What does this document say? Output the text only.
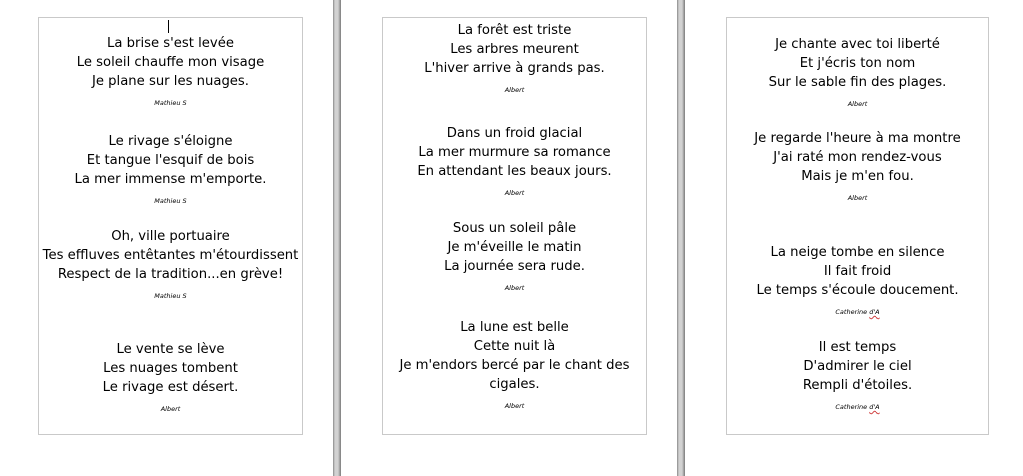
La brise s'est levée
Le soleil chauffe mon visage
Je plane sur les nuages.
Mathieu S
Le rivage s'éloigne
Et tangue l'esquif de bois
La mer immense m'emporte.
Mathieu S
Oh, ville portuaire
Tes effluves entêtantes m'étourdissent
Respect de la tradition...en grève!
Mathieu S
Le vente se lève
Les nuages tombent
Le rivage est désert.
Albert
La forêt est triste
Les arbres meurent
L'hiver arrive à grands pas.
Albert
Dans un froid glacial
La mer murmure sa romance
En attendant les beaux jours.
Albert
Sous un soleil pâle
Je m'éveille le matin
La journée sera rude.
Albert
La lune est belle
Cette nuit là
Je m'endors bercé par le chant des
cigales.
Albert
Je chante avec toi liberté
Et j'écris ton nom
Sur le sable fin des plages.
Albert
Je regarde l'heure à ma montre
J'ai raté mon rendez-vous
Mais je m'en fou.
Albert
La neige tombe en silence
Il fait froid
Le temps s'écoule doucement.
Catherine d'A
Il est temps
D'admirer le ciel
Rempli d'étoiles.
Catherine d'A
